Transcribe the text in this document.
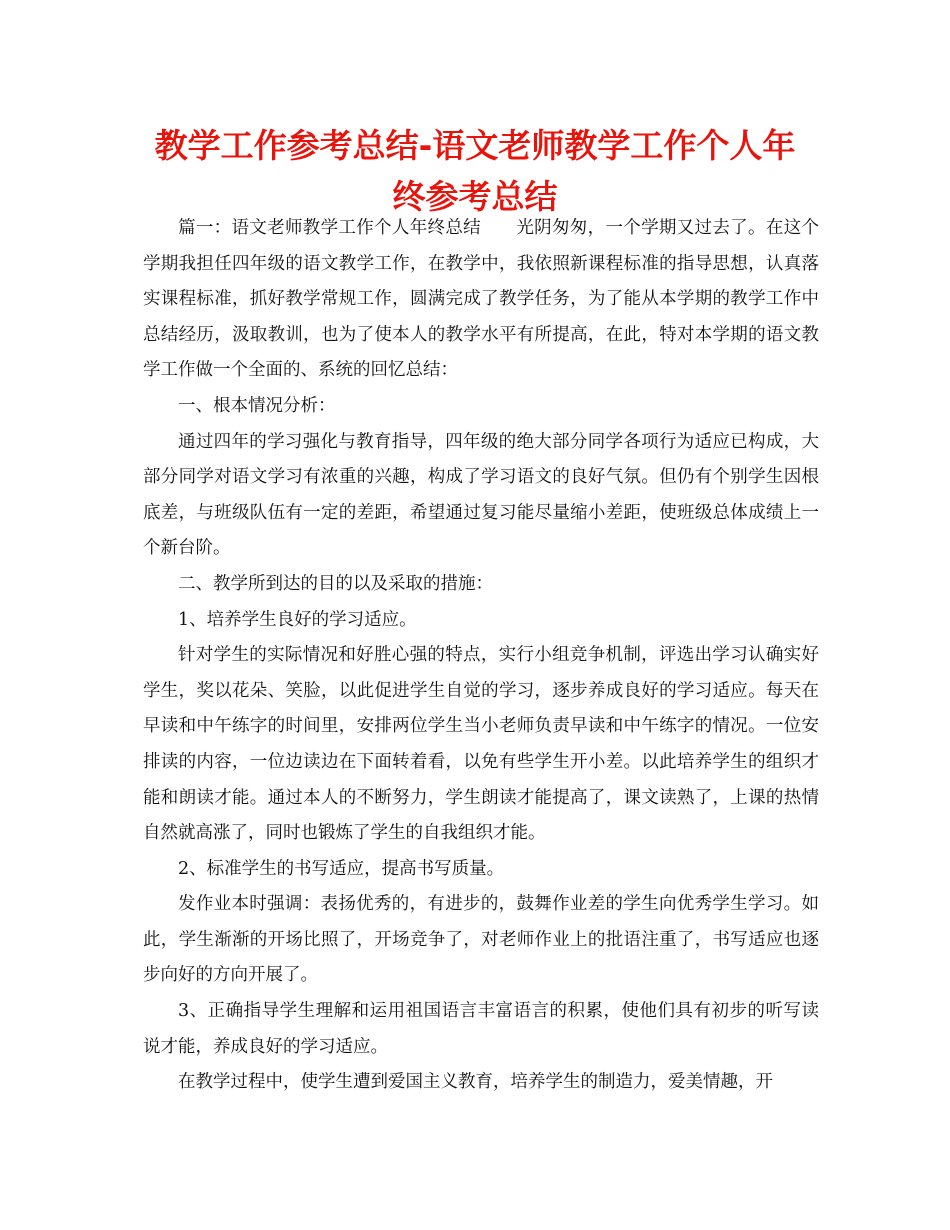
教学工作参考总结-语文老师教学工作个人年终参考总结

篇一：语文老师教学工作个人年终总结 光阴匆匆，一个学期又过去了。在这个学期我担任四年级的语文教学工作，在教学中，我依照新课程标准的指导思想，认真落实课程标准，抓好教学常规工作，圆满完成了教学任务，为了能从本学期的教学工作中总结经历，汲取教训，也为了使本人的教学水平有所提高，在此，特对本学期的语文教学工作做一个全面的、系统的回忆总结：

一、根本情况分析：

通过四年的学习强化与教育指导，四年级的绝大部分同学各项行为适应已构成，大部分同学对语文学习有浓重的兴趣，构成了学习语文的良好气氛。但仍有个别学生因根底差，与班级队伍有一定的差距，希望通过复习能尽量缩小差距，使班级总体成绩上一个新台阶。

二、教学所到达的目的以及采取的措施：

1、培养学生良好的学习适应。

针对学生的实际情况和好胜心强的特点，实行小组竞争机制，评选出学习认确实好学生，奖以花朵、笑脸，以此促进学生自觉的学习，逐步养成良好的学习适应。每天在早读和中午练字的时间里，安排两位学生当小老师负责早读和中午练字的情况。一位安排读的内容，一位边读边在下面转着看，以免有些学生开小差。以此培养学生的组织才能和朗读才能。通过本人的不断努力，学生朗读才能提高了，课文读熟了，上课的热情自然就高涨了，同时也锻炼了学生的自我组织才能。

2、标准学生的书写适应，提高书写质量。

发作业本时强调：表扬优秀的，有进步的，鼓舞作业差的学生向优秀学生学习。如此，学生渐渐的开场比照了，开场竞争了，对老师作业上的批语注重了，书写适应也逐步向好的方向开展了。

3、正确指导学生理解和运用祖国语言丰富语言的积累，使他们具有初步的听写读说才能，养成良好的学习适应。

在教学过程中，使学生遭到爱国主义教育，培养学生的制造力，爱美情趣，开
